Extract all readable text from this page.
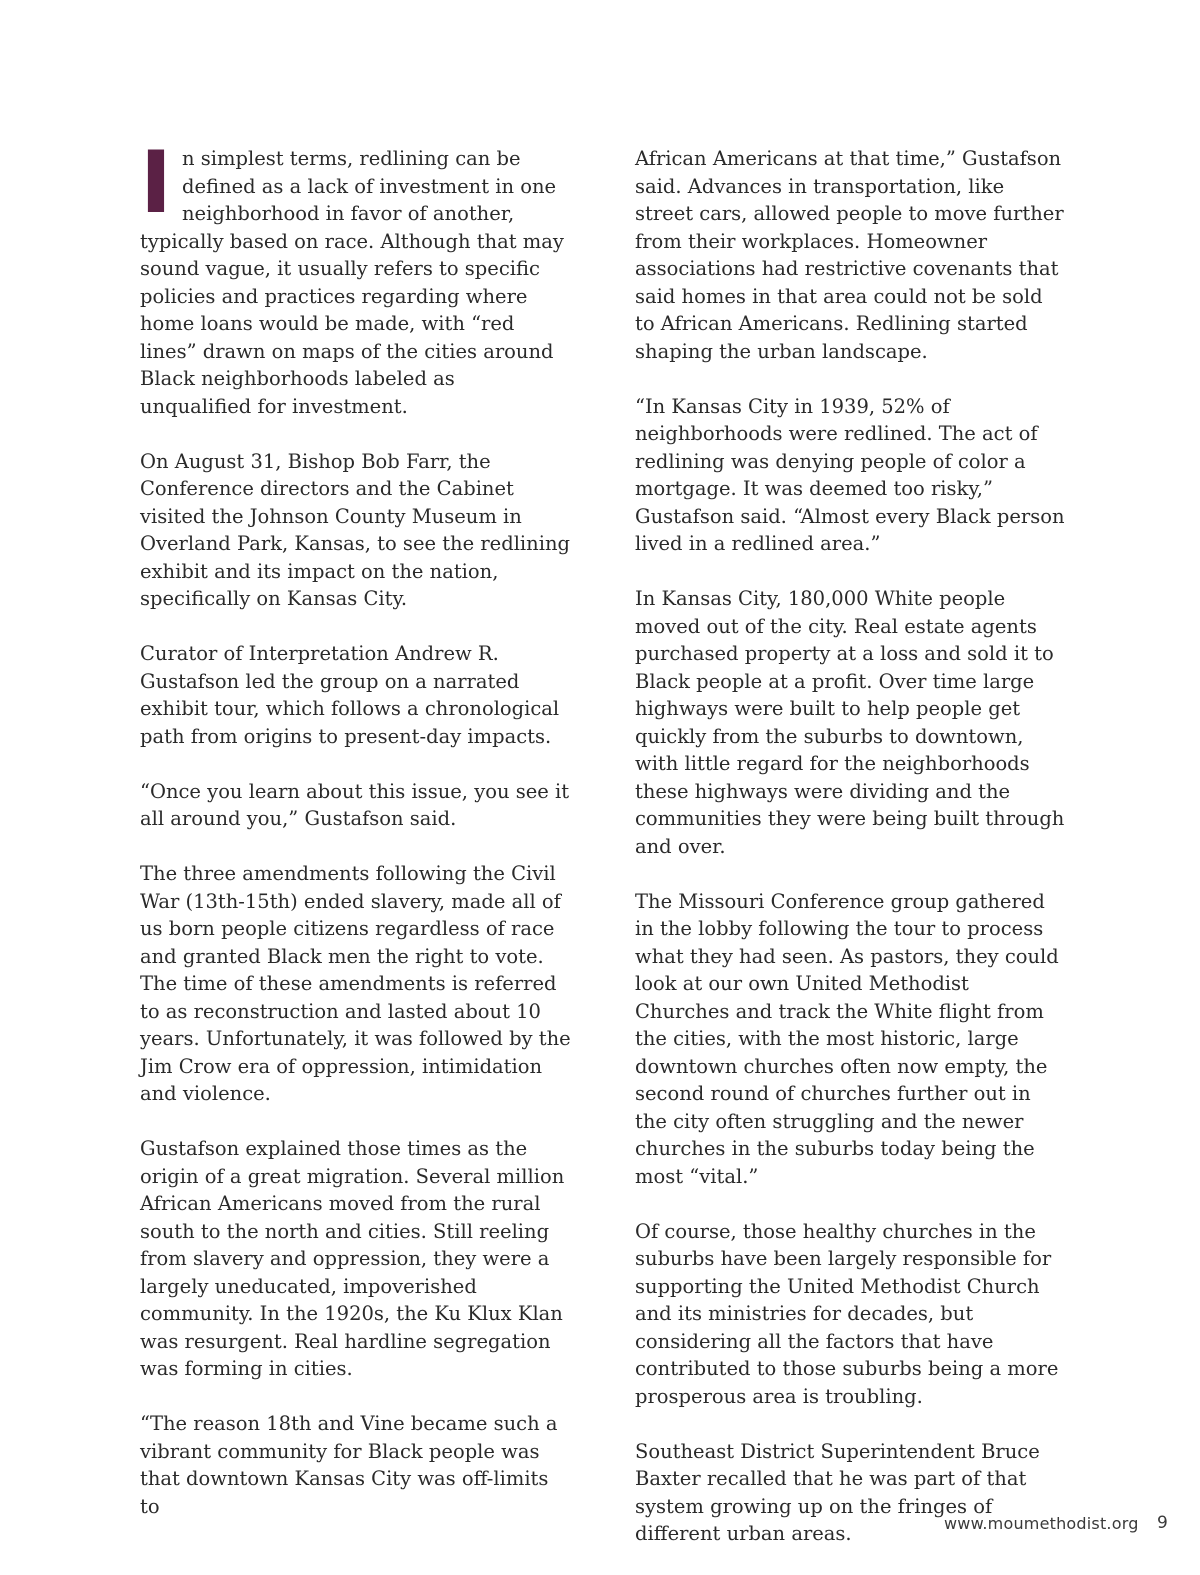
In simplest terms, redlining can be defined as a lack of investment in one neighborhood in favor of another, typically based on race. Although that may sound vague, it usually refers to specific policies and practices regarding where home loans would be made, with “red lines” drawn on maps of the cities around Black neighborhoods labeled as unqualified for investment.

On August 31, Bishop Bob Farr, the Conference directors and the Cabinet visited the Johnson County Museum in Overland Park, Kansas, to see the redlining exhibit and its impact on the nation, specifically on Kansas City.

Curator of Interpretation Andrew R. Gustafson led the group on a narrated exhibit tour, which follows a chronological path from origins to present-day impacts.

“Once you learn about this issue, you see it all around you,” Gustafson said.

The three amendments following the Civil War (13th-15th) ended slavery, made all of us born people citizens regardless of race and granted Black men the right to vote. The time of these amendments is referred to as reconstruction and lasted about 10 years. Unfortunately, it was followed by the Jim Crow era of oppression, intimidation and violence.

Gustafson explained those times as the origin of a great migration. Several million African Americans moved from the rural south to the north and cities. Still reeling from slavery and oppression, they were a largely uneducated, impoverished community. In the 1920s, the Ku Klux Klan was resurgent. Real hardline segregation was forming in cities.

“The reason 18th and Vine became such a vibrant community for Black people was that downtown Kansas City was off-limits to

African Americans at that time,” Gustafson said. Advances in transportation, like street cars, allowed people to move further from their workplaces. Homeowner associations had restrictive covenants that said homes in that area could not be sold to African Americans. Redlining started shaping the urban landscape.

“In Kansas City in 1939, 52% of neighborhoods were redlined. The act of redlining was denying people of color a mortgage. It was deemed too risky,” Gustafson said. “Almost every Black person lived in a redlined area.”

In Kansas City, 180,000 White people moved out of the city. Real estate agents purchased property at a loss and sold it to Black people at a profit. Over time large highways were built to help people get quickly from the suburbs to downtown, with little regard for the neighborhoods these highways were dividing and the communities they were being built through and over.

The Missouri Conference group gathered in the lobby following the tour to process what they had seen. As pastors, they could look at our own United Methodist Churches and track the White flight from the cities, with the most historic, large downtown churches often now empty, the second round of churches further out in the city often struggling and the newer churches in the suburbs today being the most “vital.”

Of course, those healthy churches in the suburbs have been largely responsible for supporting the United Methodist Church and its ministries for decades, but considering all the factors that have contributed to those suburbs being a more prosperous area is troubling.

Southeast District Superintendent Bruce Baxter recalled that he was part of that system growing up on the fringes of different urban areas.	www.moumethodist.org 9
